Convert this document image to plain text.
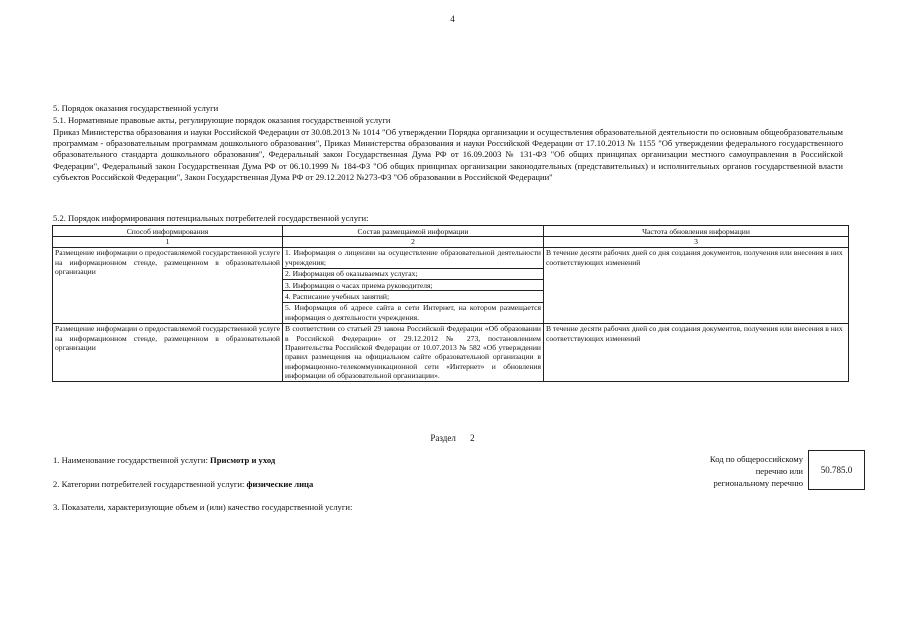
4
5. Порядок оказания государственной услуги
5.1. Нормативные правовые акты, регулирующие порядок оказания государственной услуги
Приказ Министерства образования и науки Российской Федерации от 30.08.2013 № 1014 "Об утверждении Порядка организации и осуществления образовательной деятельности по основным общеобразовательным программам - образовательным программам дошкольного образования", Приказ Министерства образования и науки Российской Федерации от 17.10.2013 № 1155 "Об утверждении федерального государственного образовательного стандарта дошкольного образования", Федеральный закон Государственная Дума РФ от 16.09.2003 № 131-ФЗ "Об общих принципах организации местного самоуправления в Российской Федерации", Федеральный закон Государственная Дума РФ от 06.10.1999 № 184-ФЗ "Об общих принципах организации законодательных (представительных) и исполнительных органов государственной власти субъектов Российской Федерации", Закон Государственная Дума РФ от 29.12.2012 №273-ФЗ "Об образовании в Российской Федерации"
5.2. Порядок информирования потенциальных потребителей государственной услуги:
Способ информирования	Состав размещаемой информации	Частота обновления информации
1	2	3
Размещение информации о предоставляемой государственной услуге на информационном стенде, размещенном в образовательной организации	1. Информация о лицензии на осуществление образовательной деятельности учреждения;
2. Информация об оказываемых услугах;
3. Информация о часах приема руководителя;
4. Расписание учебных занятий;
5. Информация об адресе сайта в сети Интернет, на котором размещается информация о деятельности учреждения.	В течение десяти рабочих дней со дня создания документов, получения или внесения в них соответствующих изменений
Размещение информации о предоставляемой государственной услуге на информационном стенде, размещенном в образовательной организации	В соответствии со статьей 29 закона Российской Федерации «Об образовании в Российской Федерации» от 29.12.2012 № 273, постановлением Правительства Российской Федерации от 10.07.2013 № 582 «Об утверждении правил размещения на официальном сайте образовательной организации в информационно-телекоммуникационной сети «Интернет» и обновления информации об образовательной организации».	В течение десяти рабочих дней со дня создания документов, получения или внесения в них соответствующих изменений
Раздел 2
1. Наименование государственной услуги: Присмотр и уход	Код по общероссийскому
перечню или
региональному перечню
50.785.0
2. Категории потребителей государственной услуги: физические лица
3. Показатели, характеризующие объем и (или) качество государственной услуги:
